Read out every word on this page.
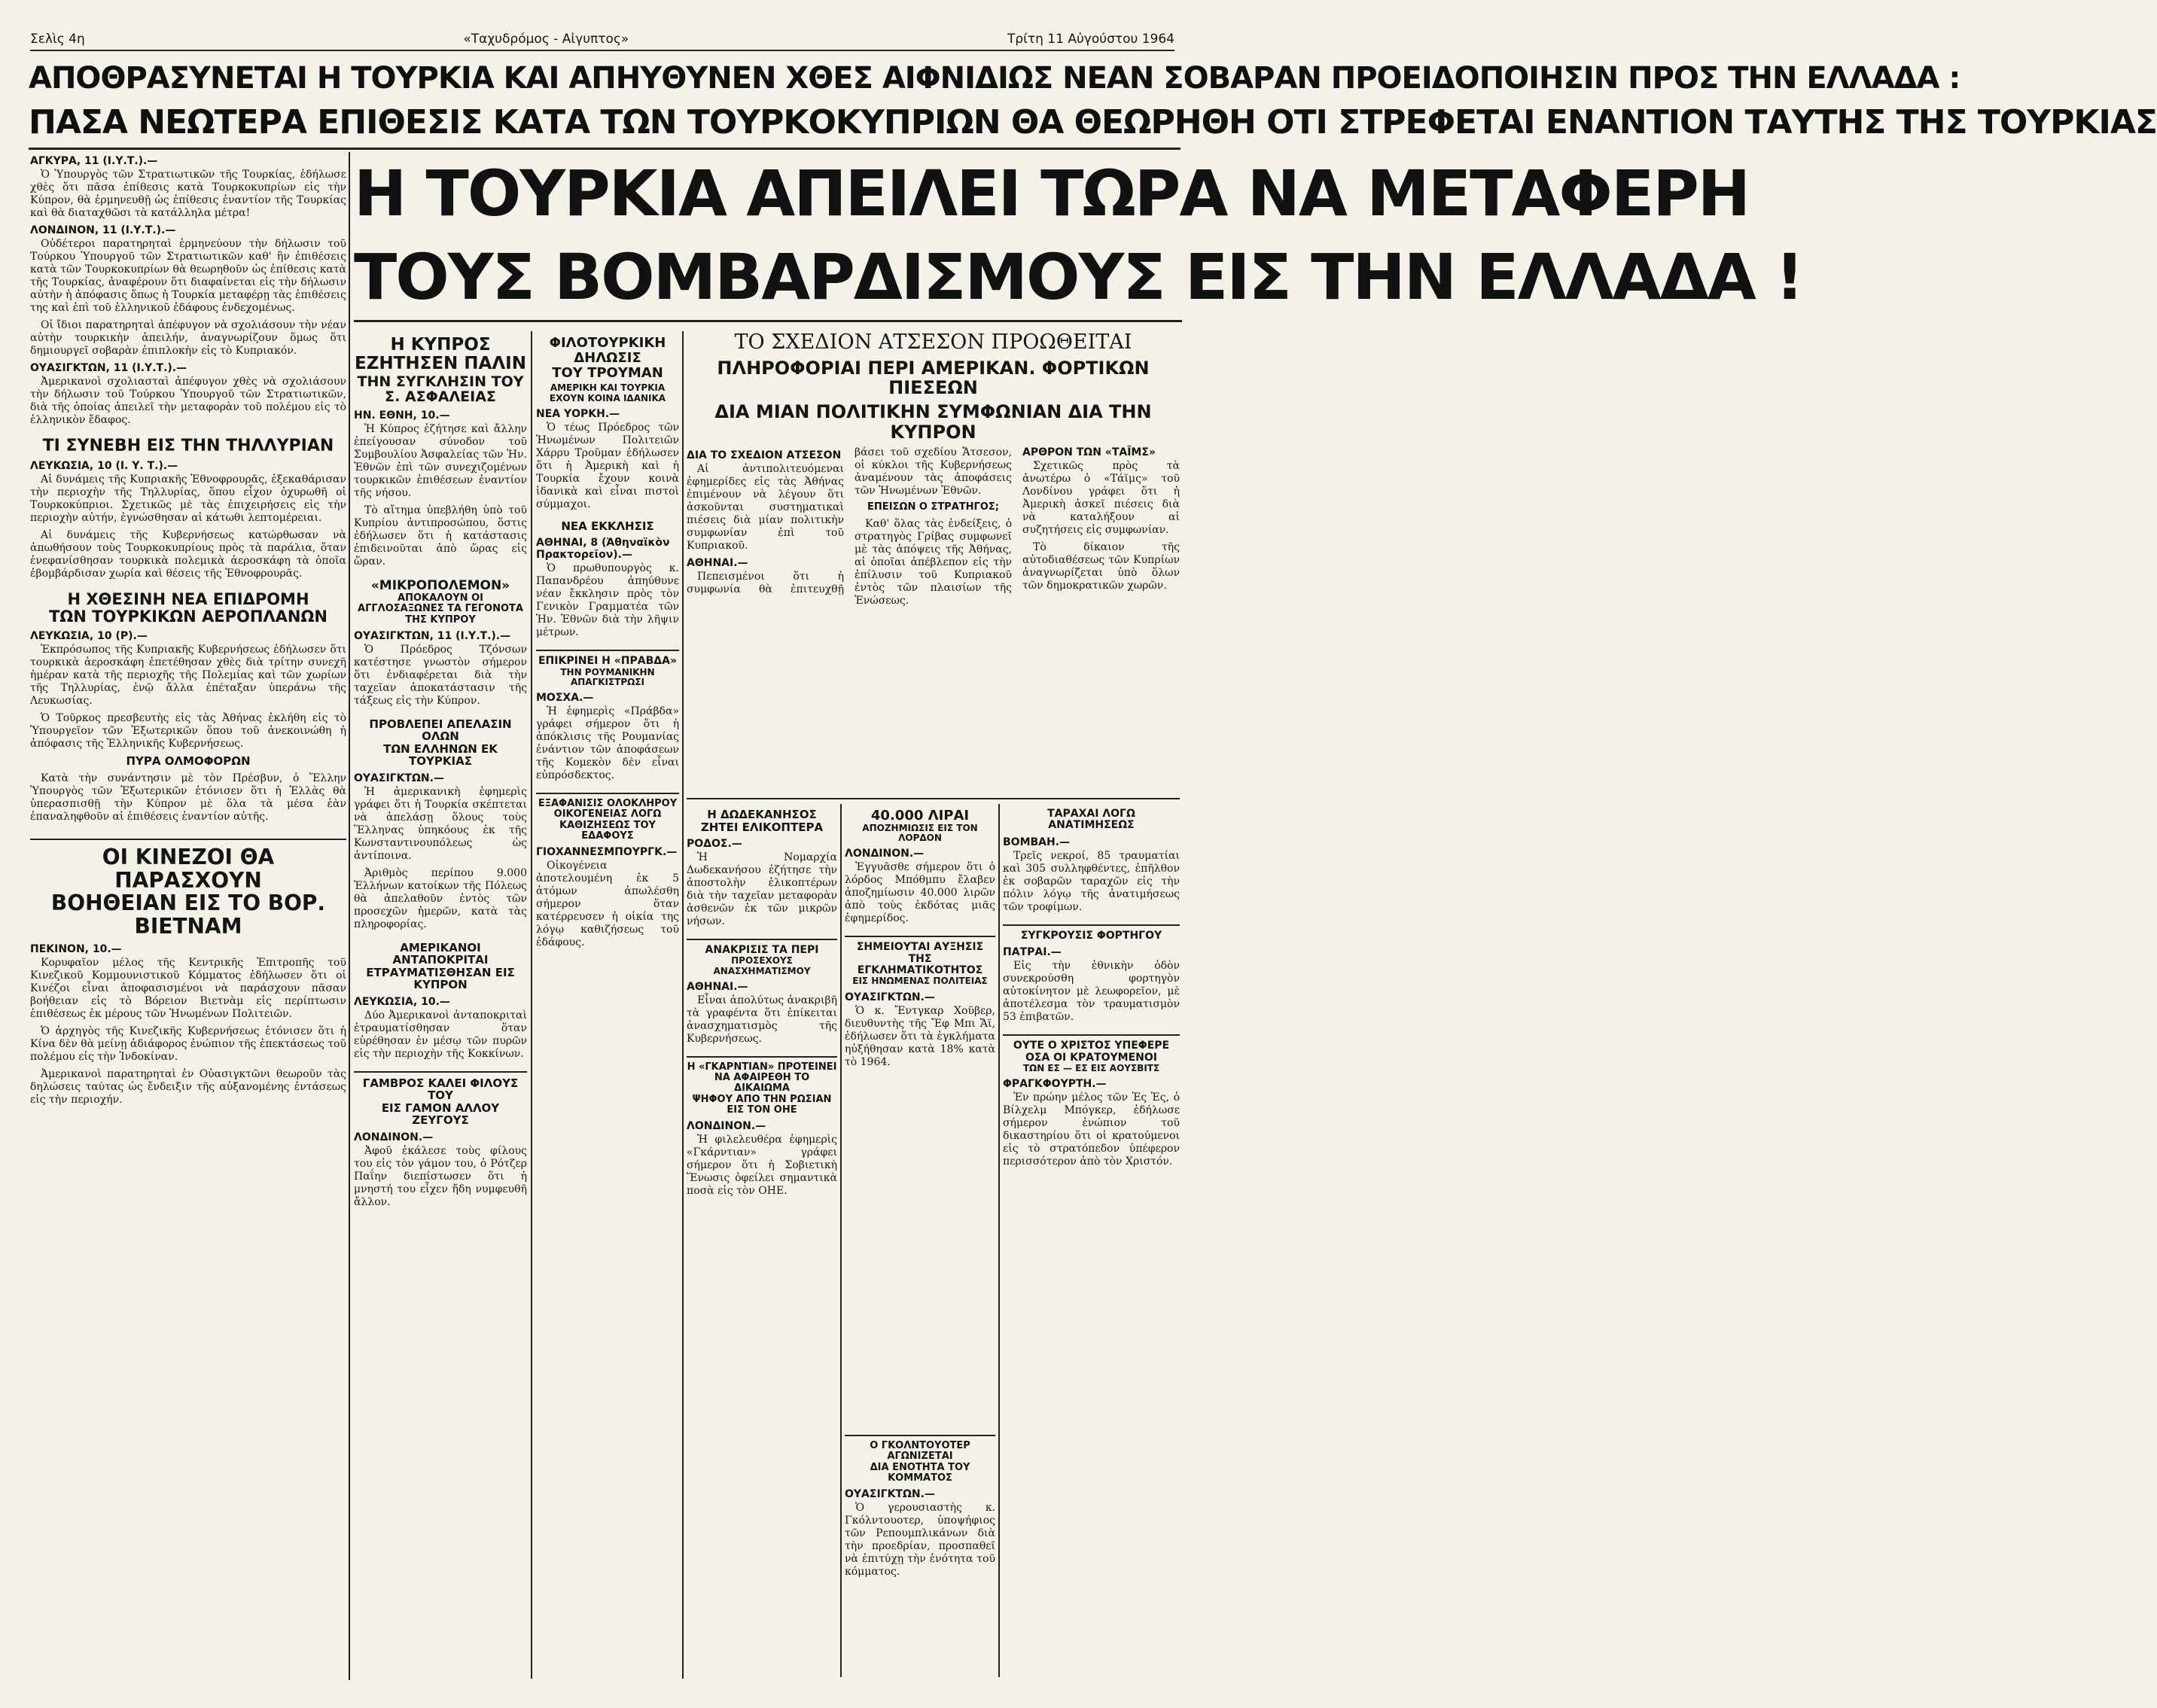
Σελὶς 4η	«Ταχυδρόμος - Αἰγυπτος»	Τρίτη 11 Αὐγούστου 1964
ΑΠΟΘΡΑΣΥΝΕΤΑΙ Η ΤΟΥΡΚΙΑ ΚΑΙ ΑΠΗΥΘΥΝΕΝ ΧΘΕΣ ΑΙΦΝΙΔΙΩΣ ΝΕΑΝ ΣΟΒΑΡΑΝ ΠΡΟΕΙΔΟΠΟΙΗΣΙΝ ΠΡΟΣ ΤΗΝ ΕΛΛΑΔΑ :
ΠΑΣΑ ΝΕΩΤΕΡΑ ΕΠΙΘΕΣΙΣ ΚΑΤΑ ΤΩΝ ΤΟΥΡΚΟΚΥΠΡΙΩΝ ΘΑ ΘΕΩΡΗΘΗ ΟΤΙ ΣΤΡΕΦΕΤΑΙ ΕΝΑΝΤΙΟΝ ΤΑΥΤΗΣ ΤΗΣ ΤΟΥΡΚΙΑΣ
Η ΤΟΥΡΚΙΑ ΑΠΕΙΛΕΙ ΤΩΡΑ ΝΑ ΜΕΤΑΦΕΡΗ
ΤΟΥΣ ΒΟΜΒΑΡΔΙΣΜΟΥΣ ΕΙΣ ΤΗΝ ΕΛΛΑΔΑ !
ΑΓΚΥΡΑ, 11 (Ι.Υ.Τ.).—

Ὁ Ὑπουργὸς τῶν Στρατιωτικῶν τῆς Τουρκίας, ἐδήλωσε χθὲς ὅτι πᾶσα ἐπίθεσις κατὰ Τουρκοκυπρίων εἰς τὴν Κύπρον, θὰ ἑρμηνευθῇ ὡς ἐπίθεσις ἐναντίον τῆς Τουρκίας καὶ θὰ διαταχθῶσι τὰ κατάλληλα μέτρα!

ΛΟΝΔΙΝΟΝ, 11 (Ι.Υ.Τ.).—

Οὐδέτεροι παρατηρηταὶ ἑρμηνεύουν τὴν δήλωσιν τοῦ Τούρκου Ὑπουργοῦ τῶν Στρατιωτικῶν καθ' ἣν ἐπιθέσεις κατὰ τῶν Τουρκοκυπρίων θὰ θεωρηθοῦν ὡς ἐπίθεσις κατὰ τῆς Τουρκίας, ἀναφέρουν ὅτι διαφαίνεται εἰς τὴν δήλωσιν αὐτὴν ἡ ἀπόφασις ὅπως ἡ Τουρκία μεταφέρῃ τὰς ἐπιθέσεις της καὶ ἐπὶ τοῦ ἑλληνικοῦ ἐδάφους ἐνδεχομένως.

Οἱ ἴδιοι παρατηρηταὶ ἀπέφυγον νὰ σχολιάσουν τὴν νέαν αὐτὴν τουρκικὴν ἀπειλήν, ἀναγνωρίζουν ὅμως ὅτι δημιουργεῖ σοβαρὰν ἐπιπλοκὴν εἰς τὸ Κυπριακόν.

ΟΥΑΣΙΓΚΤΩΝ, 11 (Ι.Υ.Τ.).—

Ἀμερικανοὶ σχολιασταὶ ἀπέφυγον χθὲς νὰ σχολιάσουν τὴν δήλωσιν τοῦ Τούρκου Ὑπουργοῦ τῶν Στρατιωτικῶν, διὰ τῆς ὁποίας ἀπειλεῖ τὴν μεταφορὰν τοῦ πολέμου εἰς τὸ ἑλληνικὸν ἔδαφος.

ΤΙ ΣΥΝΕΒΗ ΕΙΣ ΤΗΝ ΤΗΛΛΥΡΙΑΝ
ΛΕΥΚΩΣΙΑ, 10 (Ι. Υ. Τ.).—

Αἱ δυνάμεις τῆς Κυπριακῆς Ἐθνοφρουρᾶς, ἐξεκαθάρισαν τὴν περιοχὴν τῆς Τηλλυρίας, ὅπου εἶχον ὀχυρωθῆ οἱ Τουρκοκύπριοι. Σχετικῶς μὲ τὰς ἐπιχειρήσεις εἰς τὴν περιοχὴν αὐτήν, ἐγνώσθησαν αἱ κάτωθι λεπτομέρειαι.

Αἱ δυνάμεις τῆς Κυβερνήσεως κατώρθωσαν νὰ ἀπωθήσουν τοὺς Τουρκοκυπρίους πρὸς τὰ παράλια, ὅταν ἐνεφανίσθησαν τουρκικὰ πολεμικὰ ἀεροσκάφη τὰ ὁποῖα ἐβομβάρδισαν χωρία καὶ θέσεις τῆς Ἐθνοφρουρᾶς.

Η ΧΘΕΣΙΝΗ ΝΕΑ ΕΠΙΔΡΟΜΗ
ΤΩΝ ΤΟΥΡΚΙΚΩΝ ΑΕΡΟΠΛΑΝΩΝ
ΛΕΥΚΩΣΙΑ, 10 (Ρ).—

Ἐκπρόσωπος τῆς Κυπριακῆς Κυβερνήσεως ἐδήλωσεν ὅτι τουρκικὰ ἀεροσκάφη ἐπετέθησαν χθὲς διὰ τρίτην συνεχῆ ἡμέραν κατὰ τῆς περιοχῆς τῆς Πολεμίας καὶ τῶν χωρίων τῆς Τηλλυρίας, ἐνῷ ἄλλα ἐπέταξαν ὑπεράνω τῆς Λευκωσίας.

Ὁ Τοῦρκος πρεσβευτὴς εἰς τὰς Ἀθήνας ἐκλήθη εἰς τὸ Ὑπουργεῖον τῶν Ἐξωτερικῶν ὅπου τοῦ ἀνεκοινώθη ἡ ἀπόφασις τῆς Ἑλληνικῆς Κυβερνήσεως.

ΠΥΡΑ ΟΛΜΟΦΟΡΩΝ

Κατὰ τὴν συνάντησιν μὲ τὸν Πρέσβυν, ὁ Ἕλλην Ὑπουργὸς τῶν Ἐξωτερικῶν ἐτόνισεν ὅτι ἡ Ἑλλὰς θὰ ὑπερασπισθῇ τὴν Κύπρον μὲ ὅλα τὰ μέσα ἐὰν ἐπαναληφθοῦν αἱ ἐπιθέσεις ἐναντίον αὐτῆς.

ΟΙ ΚΙΝΕΖΟΙ ΘΑ ΠΑΡΑΣΧΟΥΝ
ΒΟΗΘΕΙΑΝ ΕΙΣ ΤΟ ΒΟΡ. ΒΙΕΤΝΑΜ
ΠΕΚΙΝΟΝ, 10.—

Κορυφαῖον μέλος τῆς Κεντρικῆς Ἐπιτροπῆς τοῦ Κινεζικοῦ Κομμουνιστικοῦ Κόμματος ἐδήλωσεν ὅτι οἱ Κινέζοι εἶναι ἀποφασισμένοι νὰ παράσχουν πᾶσαν βοήθειαν εἰς τὸ Βόρειον Βιετνὰμ εἰς περίπτωσιν ἐπιθέσεως ἐκ μέρους τῶν Ἡνωμένων Πολιτειῶν.

Ὁ ἀρχηγὸς τῆς Κινεζικῆς Κυβερνήσεως ἐτόνισεν ὅτι ἡ Κίνα δὲν θὰ μείνῃ ἀδιάφορος ἐνώπιον τῆς ἐπεκτάσεως τοῦ πολέμου εἰς τὴν Ἰνδοκίναν.

Ἀμερικανοὶ παρατηρηταὶ ἐν Οὐασιγκτῶνι θεωροῦν τὰς δηλώσεις ταύτας ὡς ἔνδειξιν τῆς αὐξανομένης ἐντάσεως εἰς τὴν περιοχήν.

Η ΚΥΠΡΟΣ ΕΖΗΤΗΣΕΝ ΠΑΛΙΝ
ΤΗΝ ΣΥΓΚΛΗΣΙΝ ΤΟΥ Σ. ΑΣΦΑΛΕΙΑΣ
ΗΝ. ΕΘΝΗ, 10.—

Ἡ Κύπρος ἐζήτησε καὶ ἄλλην ἐπείγουσαν σύνοδον τοῦ Συμβουλίου Ἀσφαλείας τῶν Ἡν. Ἐθνῶν ἐπὶ τῶν συνεχιζομένων τουρκικῶν ἐπιθέσεων ἐναντίον τῆς νήσου.

Τὸ αἴτημα ὑπεβλήθη ὑπὸ τοῦ Κυπρίου ἀντιπροσώπου, ὅστις ἐδήλωσεν ὅτι ἡ κατάστασις ἐπιδεινοῦται ἀπὸ ὥρας εἰς ὥραν.

«ΜΙΚΡΟΠΟΛΕΜΟΝ»
ΑΠΟΚΑΛΟΥΝ ΟΙ ΑΓΓΛΟΣΑΞΩΝΕΣ ΤΑ ΓΕΓΟΝΟΤΑ ΤΗΣ ΚΥΠΡΟΥ
ΟΥΑΣΙΓΚΤΩΝ, 11 (Ι.Υ.Τ.).—

Ὁ Πρόεδρος Τζόνσων κατέστησε γνωστὸν σήμερον ὅτι ἐνδιαφέρεται διὰ τὴν ταχεῖαν ἀποκατάστασιν τῆς τάξεως εἰς τὴν Κύπρον.

ΠΡΟΒΛΕΠΕΙ ΑΠΕΛΑΣΙΝ ΟΛΩΝ
ΤΩΝ ΕΛΛΗΝΩΝ ΕΚ ΤΟΥΡΚΙΑΣ
ΟΥΑΣΙΓΚΤΩΝ.—

Ἡ ἀμερικανικὴ ἐφημερὶς γράφει ὅτι ἡ Τουρκία σκέπτεται νὰ ἀπελάσῃ ὅλους τοὺς Ἕλληνας ὑπηκόους ἐκ τῆς Κωνσταντινουπόλεως ὡς ἀντίποινα.

Ἀριθμὸς περίπου 9.000 Ἑλλήνων κατοίκων τῆς Πόλεως θὰ ἀπελαθοῦν ἐντὸς τῶν προσεχῶν ἡμερῶν, κατὰ τὰς πληροφορίας.

ΑΜΕΡΙΚΑΝΟΙ ΑΝΤΑΠΟΚΡΙΤΑΙ
ΕΤΡΑΥΜΑΤΙΣΘΗΣΑΝ ΕΙΣ ΚΥΠΡΟΝ
ΛΕΥΚΩΣΙΑ, 10.—

Δύο Ἀμερικανοὶ ἀνταποκριταὶ ἐτραυματίσθησαν ὅταν εὑρέθησαν ἐν μέσῳ τῶν πυρῶν εἰς τὴν περιοχὴν τῆς Κοκκίνων.

ΓΑΜΒΡΟΣ ΚΑΛΕΙ ΦΙΛΟΥΣ ΤΟΥ
ΕΙΣ ΓΑΜΟΝ ΑΛΛΟΥ ΖΕΥΓΟΥΣ
ΛΟΝΔΙΝΟΝ.—

Ἀφοῦ ἐκάλεσε τοὺς φίλους του εἰς τὸν γάμον του, ὁ Ρότζερ Παΐην διεπίστωσεν ὅτι ἡ μνηστή του εἶχεν ἤδη νυμφευθῆ ἄλλον.

ΦΙΛΟΤΟΥΡΚΙΚΗ
ΔΗΛΩΣΙΣ
ΤΟΥ ΤΡΟΥΜΑΝ
ΑΜΕΡΙΚΗ ΚΑΙ ΤΟΥΡΚΙΑ ΕΧΟΥΝ ΚΟΙΝΑ ΙΔΑΝΙΚΑ
ΝΕΑ ΥΟΡΚΗ.—

Ὁ τέως Πρόεδρος τῶν Ἡνωμένων Πολιτειῶν Χάρρυ Τροῦμαν ἐδήλωσεν ὅτι ἡ Ἀμερικὴ καὶ ἡ Τουρκία ἔχουν κοινὰ ἰδανικὰ καὶ εἶναι πιστοὶ σύμμαχοι.

ΝΕΑ ΕΚΚΛΗΣΙΣ
ΑΘΗΝΑΙ, 8 (Ἀθηναϊκὸν Πρακτορεῖον).—

Ὁ πρωθυπουργὸς κ. Παπανδρέου ἀπηύθυνε νέαν ἔκκλησιν πρὸς τὸν Γενικὸν Γραμματέα τῶν Ἡν. Ἐθνῶν διὰ τὴν λῆψιν μέτρων.

ΕΠΙΚΡΙΝΕΙ Η «ΠΡΑΒΔΑ»
ΤΗΝ ΡΟΥΜΑΝΙΚΗΝ ΑΠΑΓΚΙΣΤΡΩΣΙ
ΜΟΣΧΑ.—

Ἡ ἐφημερὶς «Πράβδα» γράφει σήμερον ὅτι ἡ ἀπόκλισις τῆς Ρουμανίας ἐνάντιον τῶν ἀποφάσεων τῆς Κομεκὸν δὲν εἶναι εὐπρόσδεκτος.

ΕΞΑΦΑΝΙΣΙΣ ΟΛΟΚΛΗΡΟΥ
ΟΙΚΟΓΕΝΕΙΑΣ ΛΟΓΩ
ΚΑΘΙΖΗΣΕΩΣ ΤΟΥ ΕΔΑΦΟΥΣ
ΓΙΟΧΑΝΝΕΣΜΠΟΥΡΓΚ.—

Οἰκογένεια ἀποτελουμένη ἐκ 5 ἀτόμων ἀπωλέσθη σήμερον ὅταν κατέρρευσεν ἡ οἰκία της λόγῳ καθιζήσεως τοῦ ἐδάφους.

ΤΟ ΣΧΕΔΙΟΝ ΑΤΣΕΣΟΝ ΠΡΟΩΘΕΙΤΑΙ
ΠΛΗΡΟΦΟΡΙΑΙ ΠΕΡΙ ΑΜΕΡΙΚΑΝ. ΦΟΡΤΙΚΩΝ ΠΙΕΣΕΩΝ
ΔΙΑ ΜΙΑΝ ΠΟΛΙΤΙΚΗΝ ΣΥΜΦΩΝΙΑΝ ΔΙΑ ΤΗΝ ΚΥΠΡΟΝ
ΔΙΑ ΤΟ ΣΧΕΔΙΟΝ ΑΤΣΕΣΟΝ

Αἱ ἀντιπολιτευόμεναι ἐφημερίδες εἰς τὰς Ἀθήνας ἐπιμένουν νὰ λέγουν ὅτι ἀσκοῦνται συστηματικαὶ πιέσεις διὰ μίαν πολιτικὴν συμφωνίαν ἐπὶ τοῦ Κυπριακοῦ.

ΑΘΗΝΑΙ.—

Πεπεισμένοι ὅτι ἡ συμφωνία θὰ ἐπιτευχθῇ βάσει τοῦ σχεδίου Ἄτσεσον, οἱ κύκλοι τῆς Κυβερνήσεως ἀναμένουν τὰς ἀποφάσεις τῶν Ἡνωμένων Ἐθνῶν.

ΕΠΕΙΣΩΝ Ο ΣΤΡΑΤΗΓΟΣ;

Καθ' ὅλας τὰς ἐνδείξεις, ὁ στρατηγὸς Γρίβας συμφωνεῖ μὲ τὰς ἀπόψεις τῆς Ἀθήνας, αἱ ὁποῖαι ἀπέβλεπον εἰς τὴν ἐπίλυσιν τοῦ Κυπριακοῦ ἐντὸς τῶν πλαισίων τῆς Ἑνώσεως.

ΑΡΘΡΟΝ ΤΩΝ «ΤΑΪΜΣ»

Σχετικῶς πρὸς τὰ ἀνωτέρω ὁ «Τάϊμς» τοῦ Λονδίνου γράφει ὅτι ἡ Ἀμερικὴ ἀσκεῖ πιέσεις διὰ νὰ καταλήξουν αἱ συζητήσεις εἰς συμφωνίαν.

Τὸ δίκαιον τῆς αὐτοδιαθέσεως τῶν Κυπρίων ἀναγνωρίζεται ὑπὸ ὅλων τῶν δημοκρατικῶν χωρῶν.

Η ΔΩΔΕΚΑΝΗΣΟΣ
ΖΗΤΕΙ ΕΛΙΚΟΠΤΕΡΑ
ΡΟΔΟΣ.—

Ἡ Νομαρχία Δωδεκανήσου ἐζήτησε τὴν ἀποστολὴν ἑλικοπτέρων διὰ τὴν ταχεῖαν μεταφορὰν ἀσθενῶν ἐκ τῶν μικρῶν νήσων.

ΑΝΑΚΡΙΣΙΣ ΤΑ ΠΕΡΙ
ΠΡΟΣΕΧΟΥΣ ΑΝΑΣΧΗΜΑΤΙΣΜΟΥ
ΑΘΗΝΑΙ.—

Εἶναι ἀπολύτως ἀνακριβῆ τὰ γραφέντα ὅτι ἐπίκειται ἀνασχηματισμὸς τῆς Κυβερνήσεως.

Η «ΓΚΑΡΝΤΙΑΝ» ΠΡΟΤΕΙΝΕΙ
ΝΑ ΑΦΑΙΡΕΘΗ ΤΟ ΔΙΚΑΙΩΜΑ
ΨΗΦΟΥ ΑΠΟ ΤΗΝ ΡΩΣΙΑΝ
ΕΙΣ ΤΟΝ ΟΗΕ
ΛΟΝΔΙΝΟΝ.—

Ἡ φιλελευθέρα ἐφημερὶς «Γκάρντιαν» γράφει σήμερον ὅτι ἡ Σοβιετικὴ Ἕνωσις ὀφείλει σημαντικὰ ποσὰ εἰς τὸν ΟΗΕ.

40.000 ΛΙΡΑΙ
ΑΠΟΖΗΜΙΩΣΙΣ ΕΙΣ ΤΟΝ ΛΟΡΔΟΝ
ΛΟΝΔΙΝΟΝ.—

Ἐγγυᾶσθε σήμερον ὅτι ὁ λόρδος Μπόθμπυ ἔλαβεν ἀποζημίωσιν 40.000 λιρῶν ἀπὸ τοὺς ἐκδότας μιᾶς ἐφημερίδος.

ΣΗΜΕΙΟΥΤΑΙ ΑΥΞΗΣΙΣ
ΤΗΣ ΕΓΚΛΗΜΑΤΙΚΟΤΗΤΟΣ
ΕΙΣ ΗΝΩΜΕΝΑΣ ΠΟΛΙΤΕΙΑΣ
ΟΥΑΣΙΓΚΤΩΝ.—

Ὁ κ. Ἔντγκαρ Χοῦβερ, διευθυντὴς τῆς Ἔφ Μπι Ἄϊ, ἐδήλωσεν ὅτι τὰ ἐγκλήματα ηὐξήθησαν κατὰ 18% κατὰ τὸ 1964.

ΤΑΡΑΧΑΙ ΛΟΓΩ ΑΝΑΤΙΜΗΣΕΩΣ
ΒΟΜΒΑΗ.—

Τρεῖς νεκροί, 85 τραυματίαι καὶ 305 συλληφθέντες, ἐπῆλθον ἐκ σοβαρῶν ταραχῶν εἰς τὴν πόλιν λόγῳ τῆς ἀνατιμήσεως τῶν τροφίμων.

ΣΥΓΚΡΟΥΣΙΣ ΦΟΡΤΗΓΟΥ
ΠΑΤΡΑΙ.—

Εἰς τὴν ἐθνικὴν ὁδὸν συνεκρούσθη φορτηγὸν αὐτοκίνητον μὲ λεωφορεῖον, μὲ ἀποτέλεσμα τὸν τραυματισμὸν 53 ἐπιβατῶν.

ΟΥΤΕ Ο ΧΡΙΣΤΟΣ ΥΠΕΦΕΡΕ
ΟΣΑ ΟΙ ΚΡΑΤΟΥΜΕΝΟΙ
ΤΩΝ ΕΣ — ΕΣ ΕΙΣ ΑΟΥΣΒΙΤΣ
ΦΡΑΓΚΦΟΥΡΤΗ.—

Ἐν πρώην μέλος τῶν Ἐς Ἐς, ὁ Βίλχελμ Μπόγκερ, ἐδήλωσε σήμερον ἐνώπιον τοῦ δικαστηρίου ὅτι οἱ κρατούμενοι εἰς τὸ στρατόπεδον ὑπέφερον περισσότερον ἀπὸ τὸν Χριστόν.

Ο ΓΚΟΛΝΤΟΥΟΤΕΡ ΑΓΩΝΙΖΕΤΑΙ
ΔΙΑ ΕΝΟΤΗΤΑ ΤΟΥ ΚΟΜΜΑΤΟΣ
ΟΥΑΣΙΓΚΤΩΝ.—

Ὁ γερουσιαστὴς κ. Γκόλντουοτερ, ὑποψήφιος τῶν Ρεπουμπλικάνων διὰ τὴν προεδρίαν, προσπαθεῖ νὰ ἐπιτύχῃ τὴν ἑνότητα τοῦ κόμματος.
